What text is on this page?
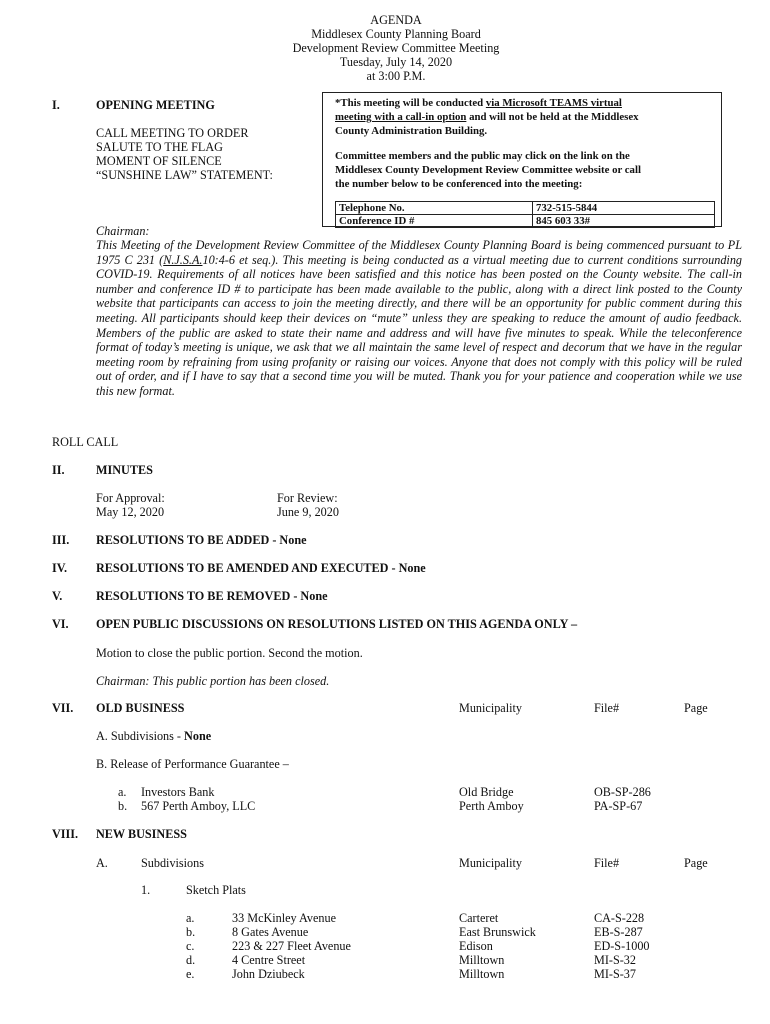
AGENDA
Middlesex County Planning Board
Development Review Committee Meeting
Tuesday, July 14, 2020
at 3:00 P.M.
I.	OPENING MEETING
CALL MEETING TO ORDER
SALUTE TO THE FLAG
MOMENT OF SILENCE
“SUNSHINE LAW” STATEMENT:
*This meeting will be conducted via Microsoft TEAMS virtual
meeting with a call-in option and will not be held at the Middlesex
County Administration Building.
Committee members and the public may click on the link on the
Middlesex County Development Review Committee website or call
the number below to be conferenced into the meeting:
Telephone No.	732-515-5844
Conference ID #	845 603 33#
Chairman:
This Meeting of the Development Review Committee of the Middlesex County Planning Board is being commenced pursuant to PL 1975 C 231 (N.J.S.A.10:4-6 et seq.). This meeting is being conducted as a virtual meeting due to current conditions surrounding COVID-19. Requirements of all notices have been satisfied and this notice has been posted on the County website. The call-in number and conference ID # to participate has been made available to the public, along with a direct link posted to the County website that participants can access to join the meeting directly, and there will be an opportunity for public comment during this meeting. All participants should keep their devices on “mute” unless they are speaking to reduce the amount of audio feedback. Members of the public are asked to state their name and address and will have five minutes to speak. While the teleconference format of today’s meeting is unique, we ask that we all maintain the same level of respect and decorum that we have in the regular meeting room by refraining from using profanity or raising our voices. Anyone that does not comply with this policy will be ruled out of order, and if I have to say that a second time you will be muted. Thank you for your patience and cooperation while we use this new format.
ROLL CALL
II.	MINUTES
For Approval:
May 12, 2020
For Review:
June 9, 2020
III. RESOLUTIONS TO BE ADDED - None
IV. RESOLUTIONS TO BE AMENDED AND EXECUTED - None
V.	RESOLUTIONS TO BE REMOVED - None
VI. OPEN PUBLIC DISCUSSIONS ON RESOLUTIONS LISTED ON THIS AGENDA ONLY –
Motion to close the public portion. Second the motion.
Chairman: This public portion has been closed.
VII. OLD BUSINESS	Municipality	File#	Page
A. Subdivisions - None
B. Release of Performance Guarantee –
a. Investors Bank	Old Bridge	OB-SP-286
b. 567 Perth Amboy, LLC	Perth Amboy	PA-SP-67
VIII. NEW BUSINESS
A.	Subdivisions	Municipality	File#	Page
1.	Sketch Plats
a.	33 McKinley Avenue	Carteret	CA-S-228
b.	8 Gates Avenue	East Brunswick	EB-S-287
c.	223 & 227 Fleet Avenue	Edison	ED-S-1000
d.	4 Centre Street	Milltown	MI-S-32
e.	John Dziubeck	Milltown	MI-S-37
